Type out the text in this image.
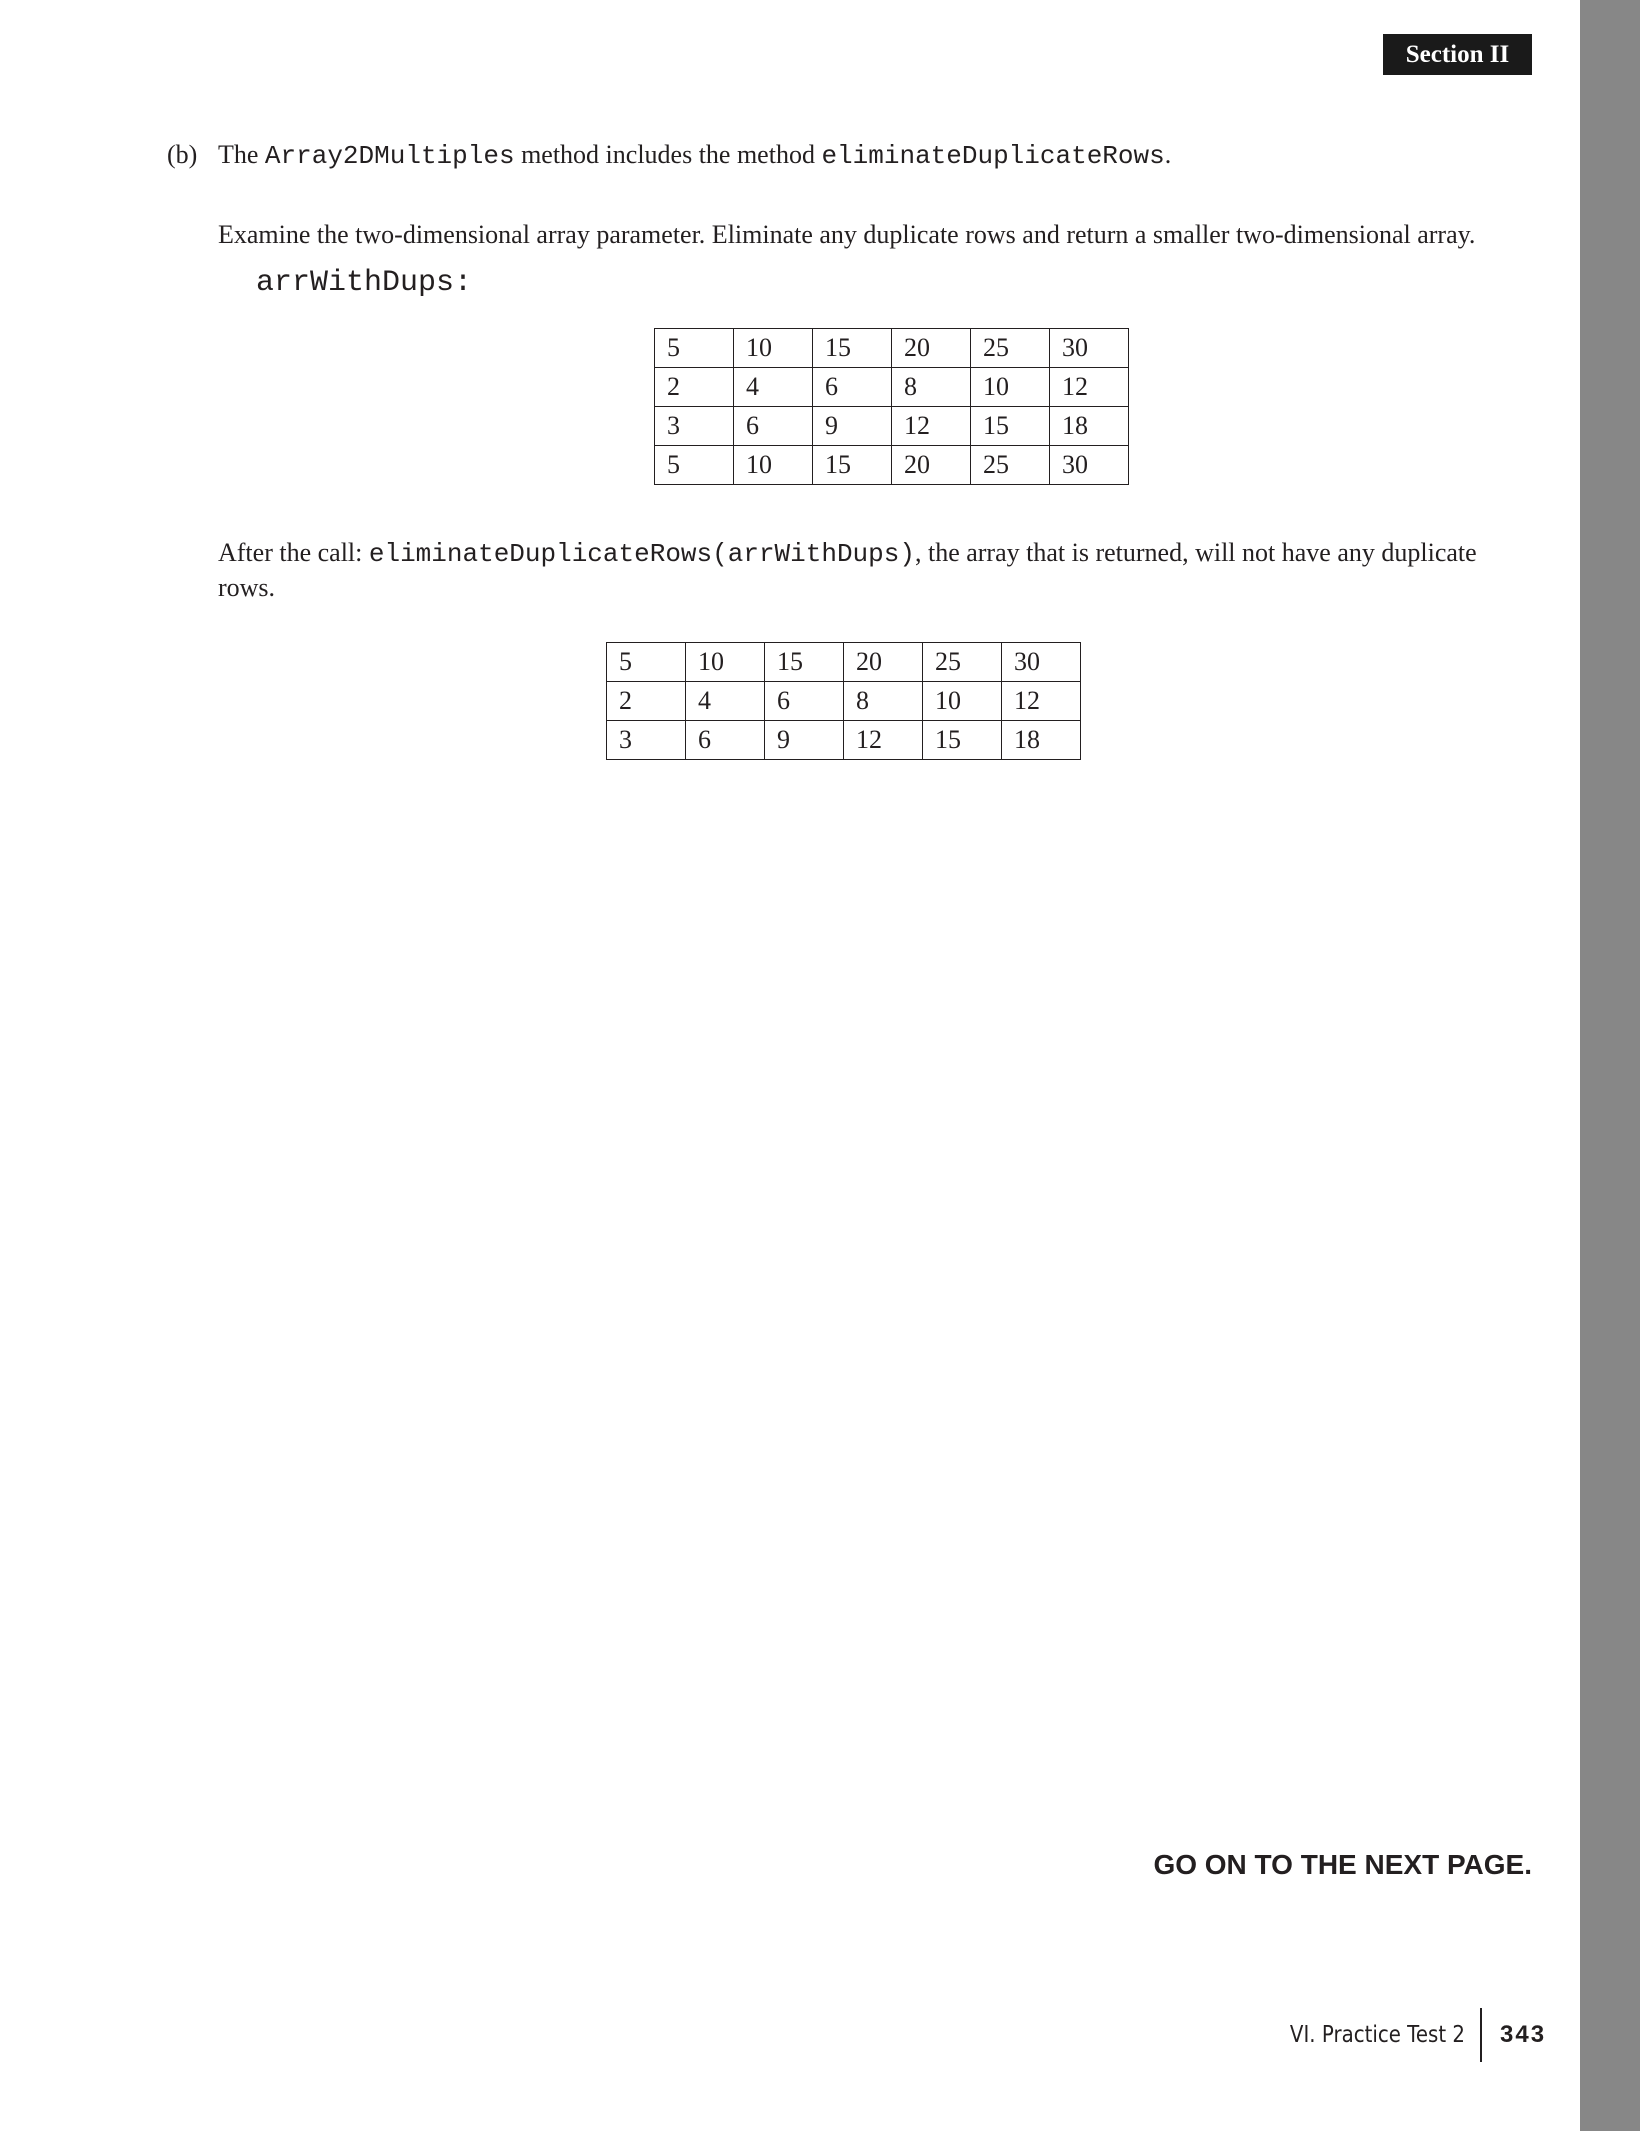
Section II
(b) The Array2DMultiples method includes the method eliminateDuplicateRows.
Examine the two-dimensional array parameter. Eliminate any duplicate rows and return a smaller two-dimensional array.
arrWithDups:
5	10	15	20	25	30
2	4	6	8	10	12
3	6	9	12	15	18
5	10	15	20	25	30
After the call: eliminateDuplicateRows(arrWithDups), the array that is returned, will not have any duplicate rows.
5	10	15	20	25	30
2	4	6	8	10	12
3	6	9	12	15	18
GO ON TO THE NEXT PAGE.
VI. Practice Test 2 343
